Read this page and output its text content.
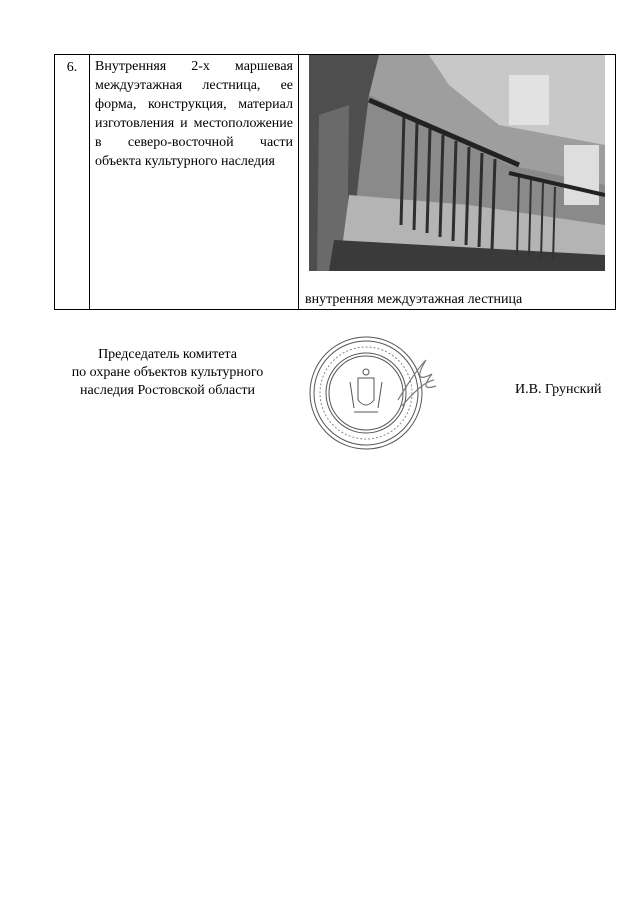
6.	Внутренняя 2-х маршевая междуэтажная лестница, ее форма, конструкция, материал изготовления и местоположение в северо-восточной части объекта культурного наследия	
внутренняя междуэтажная лестница
Председатель комитета
по охране объектов культурного
наследия Ростовской области	И.В. Грунский
